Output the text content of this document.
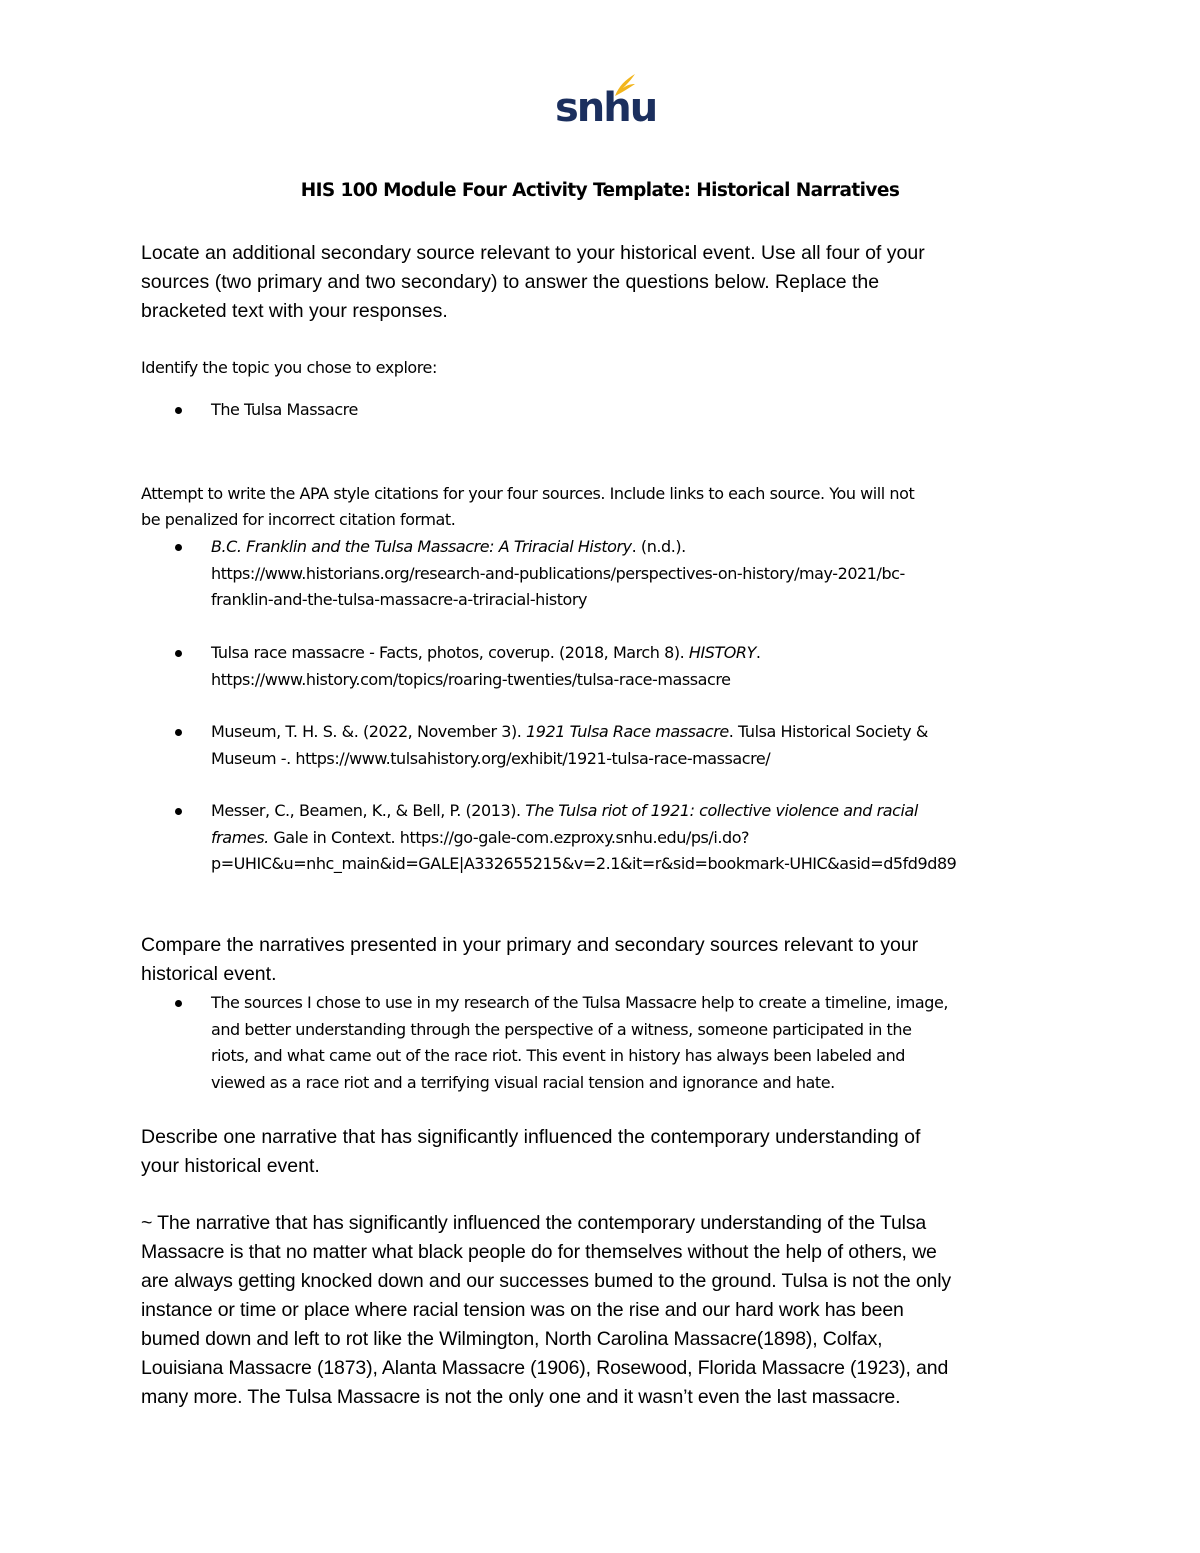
snhu
HIS 100 Module Four Activity Template: Historical Narratives
Locate an additional secondary source relevant to your historical event. Use all four of your
sources (two primary and two secondary) to answer the questions below. Replace the
bracketed text with your responses.
Identify the topic you chose to explore:
The Tulsa Massacre
Attempt to write the APA style citations for your four sources. Include links to each source. You will not
be penalized for incorrect citation format.
B.C. Franklin and the Tulsa Massacre: A Triracial History. (n.d.).
https://www.historians.org/research-and-publications/perspectives-on-history/may-2021/bc-
franklin-and-the-tulsa-massacre-a-triracial-history
Tulsa race massacre - Facts, photos, coverup. (2018, March 8). HISTORY.
https://www.history.com/topics/roaring-twenties/tulsa-race-massacre
Museum, T. H. S. &. (2022, November 3). 1921 Tulsa Race massacre. Tulsa Historical Society &
Museum -. https://www.tulsahistory.org/exhibit/1921-tulsa-race-massacre/
Messer, C., Beamen, K., & Bell, P. (2013). The Tulsa riot of 1921: collective violence and racial
frames. Gale in Context. https://go-gale-com.ezproxy.snhu.edu/ps/i.do?
p=UHIC&u=nhc_main&id=GALE|A332655215&v=2.1&it=r&sid=bookmark-UHIC&asid=d5fd9d89
Compare the narratives presented in your primary and secondary sources relevant to your
historical event.
The sources I chose to use in my research of the Tulsa Massacre help to create a timeline, image,
and better understanding through the perspective of a witness, someone participated in the
riots, and what came out of the race riot. This event in history has always been labeled and
viewed as a race riot and a terrifying visual racial tension and ignorance and hate.
Describe one narrative that has significantly influenced the contemporary understanding of
your historical event.
~ The narrative that has significantly influenced the contemporary understanding of the Tulsa
Massacre is that no matter what black people do for themselves without the help of others, we
are always getting knocked down and our successes bumed to the ground. Tulsa is not the only
instance or time or place where racial tension was on the rise and our hard work has been
bumed down and left to rot like the Wilmington, North Carolina Massacre(1898), Colfax,
Louisiana Massacre (1873), Alanta Massacre (1906), Rosewood, Florida Massacre (1923), and
many more. The Tulsa Massacre is not the only one and it wasn’t even the last massacre.
